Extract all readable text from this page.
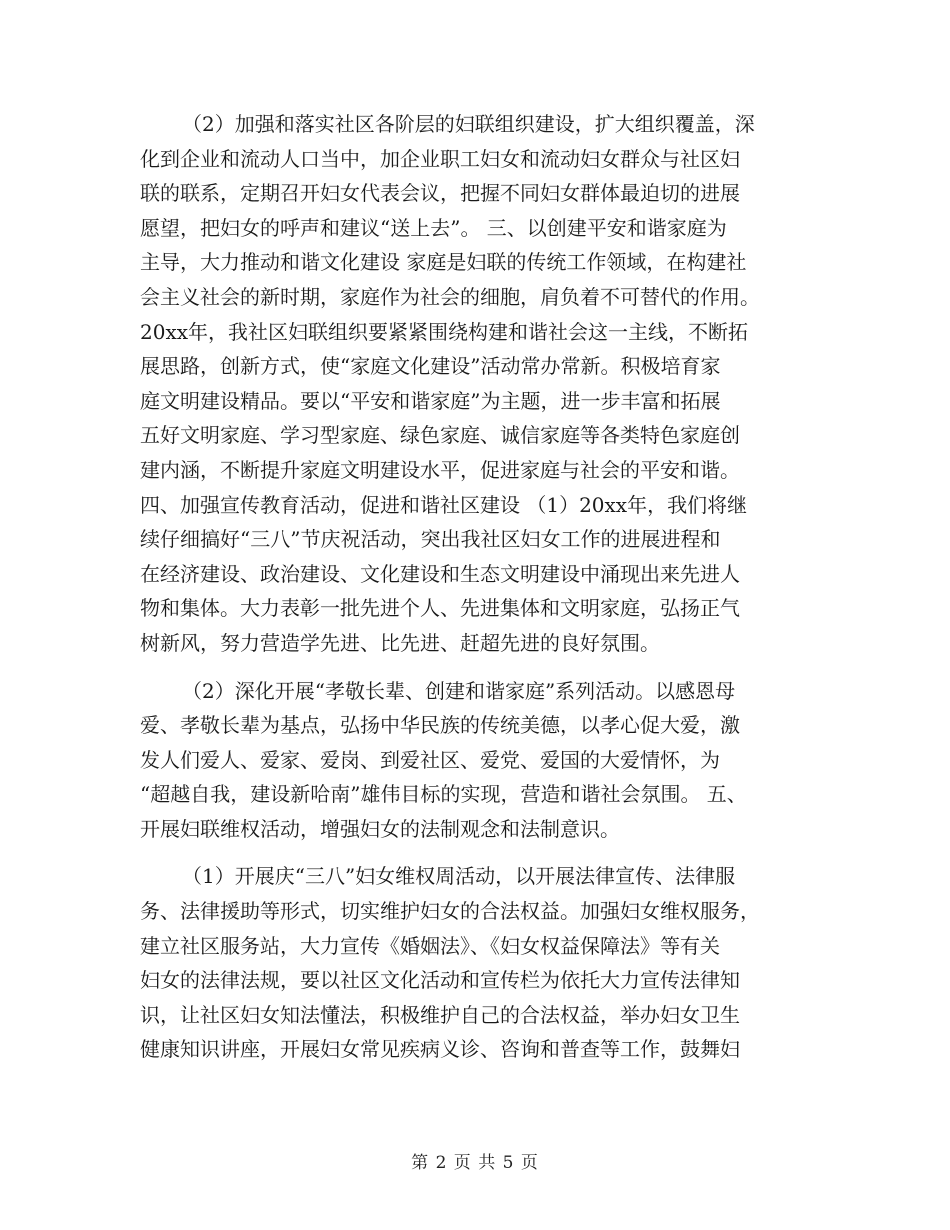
（2）加强和落实社区各阶层的妇联组织建设，扩大组织覆盖，深
化到企业和流动人口当中，加企业职工妇女和流动妇女群众与社区妇
联的联系，定期召开妇女代表会议，把握不同妇女群体最迫切的进展
愿望，把妇女的呼声和建议“送上去”。 三、以创建平安和谐家庭为
主导，大力推动和谐文化建设 家庭是妇联的传统工作领域，在构建社
会主义社会的新时期，家庭作为社会的细胞，肩负着不可替代的作用。
20xx年，我社区妇联组织要紧紧围绕构建和谐社会这一主线，不断拓
展思路，创新方式，使“家庭文化建设”活动常办常新。积极培育家
庭文明建设精品。要以“平安和谐家庭”为主题，进一步丰富和拓展
五好文明家庭、学习型家庭、绿色家庭、诚信家庭等各类特色家庭创
建内涵，不断提升家庭文明建设水平，促进家庭与社会的平安和谐。
四、加强宣传教育活动，促进和谐社区建设 （1）20xx年，我们将继
续仔细搞好“三八”节庆祝活动，突出我社区妇女工作的进展进程和
在经济建设、政治建设、文化建设和生态文明建设中涌现出来先进人
物和集体。大力表彰一批先进个人、先进集体和文明家庭，弘扬正气
树新风，努力营造学先进、比先进、赶超先进的良好氛围。
（2）深化开展“孝敬长辈、创建和谐家庭”系列活动。以感恩母
爱、孝敬长辈为基点，弘扬中华民族的传统美德，以孝心促大爱，激
发人们爱人、爱家、爱岗、到爱社区、爱党、爱国的大爱情怀，为
“超越自我，建设新哈南”雄伟目标的实现，营造和谐社会氛围。 五、
开展妇联维权活动，增强妇女的法制观念和法制意识。
（1）开展庆“三八”妇女维权周活动，以开展法律宣传、法律服
务、法律援助等形式，切实维护妇女的合法权益。加强妇女维权服务，
建立社区服务站，大力宣传《婚姻法》、《妇女权益保障法》等有关
妇女的法律法规，要以社区文化活动和宣传栏为依托大力宣传法律知
识，让社区妇女知法懂法，积极维护自己的合法权益，举办妇女卫生
健康知识讲座，开展妇女常见疾病义诊、咨询和普查等工作，鼓舞妇
第 2 页 共 5 页
